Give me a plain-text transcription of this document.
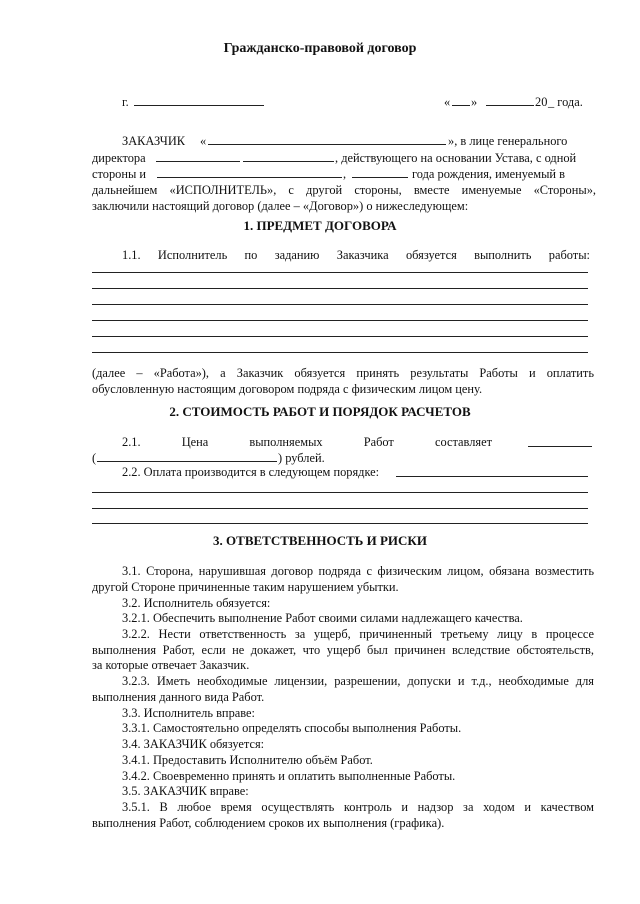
Гражданско-правовой договор
г.	« »	20 _ года.
ЗАКАЗЧИК «	», в лице генерального
директора	, действующего на основании Устава, с одной
стороны и	,	года рождения, именуемый в
дальнейшем «ИСПОЛНИТЕЛЬ», с другой стороны, вместе именуемые «Стороны»,
заключили настоящий договор (далее – «Договор») о нижеследующем:
1. ПРЕДМЕТ ДОГОВОРА
1.1. Исполнитель по заданию Заказчика обязуется выполнить работы:
(далее – «Работа»), а Заказчик обязуется принять результаты Работы и оплатить
обусловленную настоящим договором подряда с физическим лицом цену.
2. СТОИМОСТЬ РАБОТ И ПОРЯДОК РАСЧЕТОВ
2.1. Цена выполняемых Работ составляет
(	) рублей.
2.2. Оплата производится в следующем порядке:
3. ОТВЕТСТВЕННОСТЬ И РИСКИ
3.1. Сторона, нарушившая договор подряда с физическим лицом, обязана возместить
другой Стороне причиненные таким нарушением убытки.
3.2. Исполнитель обязуется:
3.2.1. Обеспечить выполнение Работ своими силами надлежащего качества.
3.2.2. Нести ответственность за ущерб, причиненный третьему лицу в процессе
выполнения Работ, если не докажет, что ущерб был причинен вследствие обстоятельств,
за которые отвечает Заказчик.
3.2.3. Иметь необходимые лицензии, разрешении, допуски и т.д., необходимые для
выполнения данного вида Работ.
3.3. Исполнитель вправе:
3.3.1. Самостоятельно определять способы выполнения Работы.
3.4. ЗАКАЗЧИК обязуется:
3.4.1. Предоставить Исполнителю объём Работ.
3.4.2. Своевременно принять и оплатить выполненные Работы.
3.5. ЗАКАЗЧИК вправе:
3.5.1. В любое время осуществлять контроль и надзор за ходом и качеством
выполнения Работ, соблюдением сроков их выполнения (графика).
